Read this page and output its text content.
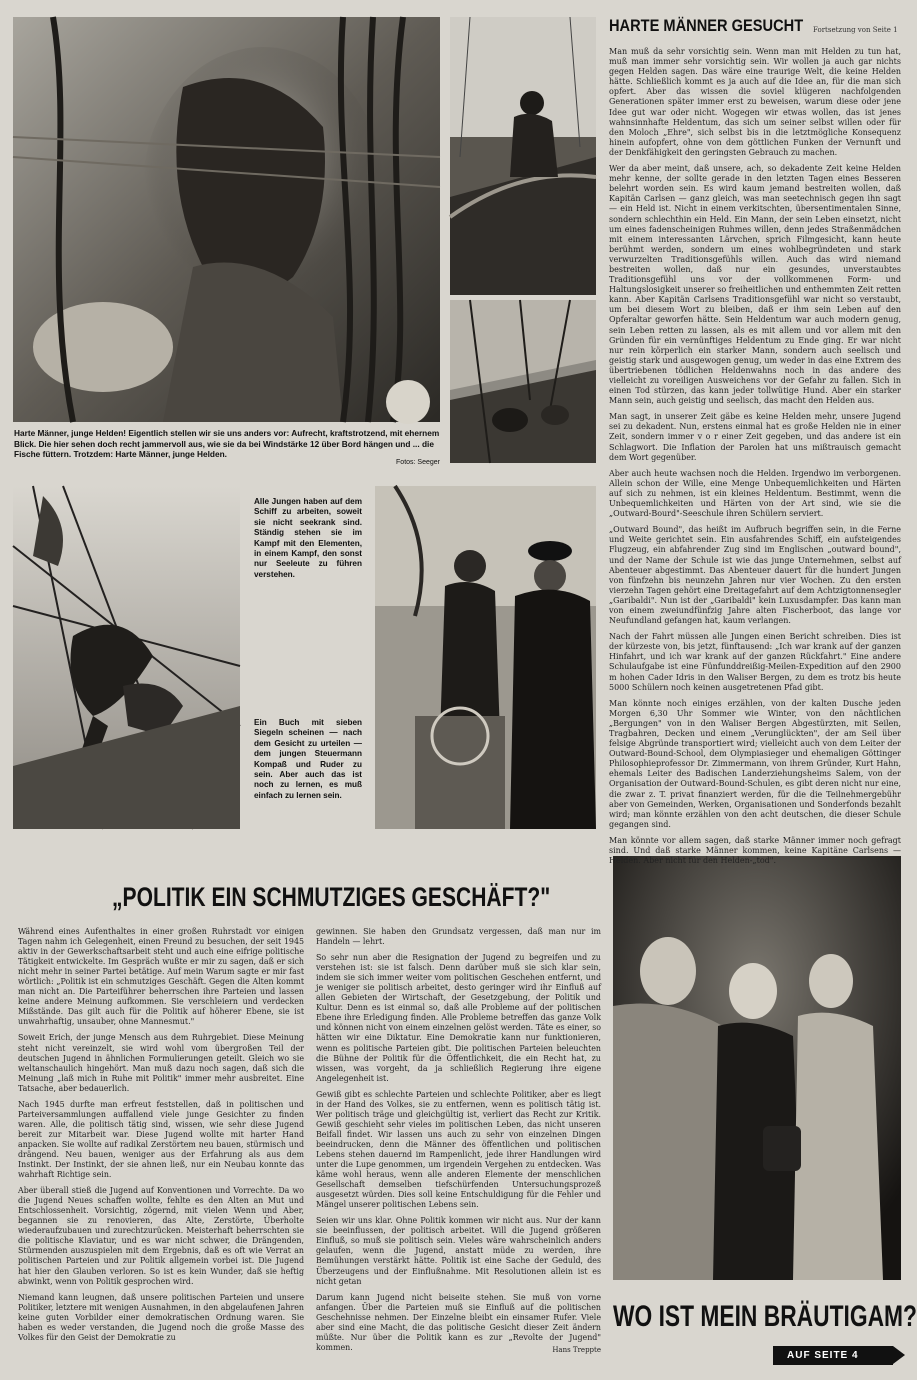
Harte Männer, junge Helden! Eigentlich stellen wir sie uns anders vor: Aufrecht, kraftstrotzend, mit ehernem Blick. Die hier sehen doch recht jammervoll aus, wie sie da bei Windstärke 12 über Bord hängen und ... die Fische füttern. Trotzdem: Harte Männer, junge Helden.
Fotos: Seeger
Alle Jungen haben auf dem Schiff zu arbeiten, soweit sie nicht seekrank sind. Ständig stehen sie im Kampf mit den Elementen, in einem Kampf, den sonst nur Seeleute zu führen verstehen.
Ein Buch mit sieben Siegeln scheinen — nach dem Gesicht zu urteilen — dem jungen Steuermann Kompaß und Ruder zu sein. Aber auch das ist noch zu lernen, es muß einfach zu lernen sein.
HARTE MÄNNER GESUCHT Fortsetzung von Seite 1

Man muß da sehr vorsichtig sein. Wenn man mit Helden zu tun hat, muß man immer sehr vorsichtig sein. Wir wollen ja auch gar nichts gegen Helden sagen. Das wäre eine traurige Welt, die keine Helden hätte. Schließlich kommt es ja auch auf die Idee an, für die man sich opfert. Aber das wissen die soviel klügeren nachfolgenden Generationen später immer erst zu beweisen, warum diese oder jene Idee gut war oder nicht. Wogegen wir etwas wollen, das ist jenes wahnsinnhafte Heldentum, das sich um seiner selbst willen oder für den Moloch „Ehre", sich selbst bis in die letztmögliche Konsequenz hinein aufopfert, ohne von dem göttlichen Funken der Vernunft und der Denkfähigkeit den geringsten Gebrauch zu machen.

Wer da aber meint, daß unsere, ach, so dekadente Zeit keine Helden mehr kenne, der sollte gerade in den letzten Tagen eines Besseren belehrt worden sein. Es wird kaum jemand bestreiten wollen, daß Kapitän Carlsen — ganz gleich, was man seetechnisch gegen ihn sagt — ein Held ist. Nicht in einem verkitschten, übersentimentalen Sinne, sondern schlechthin ein Held. Ein Mann, der sein Leben einsetzt, nicht um eines fadenscheinigen Ruhmes willen, denn jedes Straßenmädchen mit einem interessanten Lärvchen, sprich Filmgesicht, kann heute berühmt werden, sondern um eines wohlbegründeten und stark verwurzelten Traditionsgefühls willen. Auch das wird niemand bestreiten wollen, daß nur ein gesundes, unverstaubtes Traditionsgefühl uns vor der vollkommenen Form- und Haltungslosigkeit unserer so freiheitlichen und enthemmten Zeit retten kann. Aber Kapitän Carlsens Traditionsgefühl war nicht so verstaubt, um bei diesem Wort zu bleiben, daß er ihm sein Leben auf den Opferaltar geworfen hätte. Sein Heldentum war auch modern genug, sein Leben retten zu lassen, als es mit allem und vor allem mit den Gründen für ein vernünftiges Heldentum zu Ende ging. Er war nicht nur rein körperlich ein starker Mann, sondern auch seelisch und geistig stark und ausgewogen genug, um weder in das eine Extrem des übertriebenen tödlichen Heldenwahns noch in das andere des vielleicht zu voreiligen Ausweichens vor der Gefahr zu fallen. Sich in einen Tod stürzen, das kann jeder tollwütige Hund. Aber ein starker Mann sein, auch geistig und seelisch, das macht den Helden aus.

Man sagt, in unserer Zeit gäbe es keine Helden mehr, unsere Jugend sei zu dekadent. Nun, erstens einmal hat es große Helden nie in einer Zeit, sondern immer v o r einer Zeit gegeben, und das andere ist ein Schlagwort. Die Inflation der Parolen hat uns mißtrauisch gemacht dem Wort gegenüber.

Aber auch heute wachsen noch die Helden. Irgendwo im verborgenen. Allein schon der Wille, eine Menge Unbequemlichkeiten und Härten auf sich zu nehmen, ist ein kleines Heldentum. Bestimmt, wenn die Unbequemlichkeiten und Härten von der Art sind, wie sie die „Outward-Bourd"-Seeschule ihren Schülern serviert.

„Outward Bound", das heißt im Aufbruch begriffen sein, in die Ferne und Weite gerichtet sein. Ein ausfahrendes Schiff, ein aufsteigendes Flugzeug, ein abfahrender Zug sind im Englischen „outward bound", und der Name der Schule ist wie das junge Unternehmen, selbst auf Abenteuer abgestimmt. Das Abenteuer dauert für die hundert Jungen von fünfzehn bis neunzehn Jahren nur vier Wochen. Zu den ersten vierzehn Tagen gehört eine Dreitagefahrt auf dem Achtzigtonnensegler „Garibaldi". Nun ist der „Garibaldi" kein Luxusdampfer. Das kann man von einem zweiundfünfzig Jahre alten Fischerboot, das lange vor Neufundland gefangen hat, kaum verlangen.

Nach der Fahrt müssen alle Jungen einen Bericht schreiben. Dies ist der kürzeste von, bis jetzt, fünftausend: „Ich war krank auf der ganzen Hinfahrt, und ich war krank auf der ganzen Rückfahrt." Eine andere Schulaufgabe ist eine Fünfunddreißig-Meilen-Expedition auf den 2900 m hohen Cader Idris in den Waliser Bergen, zu dem es trotz bis heute 5000 Schülern noch keinen ausgetretenen Pfad gibt.

Man könnte noch einiges erzählen, von der kalten Dusche jeden Morgen 6,30 Uhr Sommer wie Winter, von den nächtlichen „Bergungen" von in den Waliser Bergen Abgestürzten, mit Seilen, Tragbahren, Decken und einem „Verunglückten", der am Seil über felsige Abgründe transportiert wird; vielleicht auch von dem Leiter der Outward-Bound-School, dem Olympiasieger und ehemaligen Göttinger Philosophieprofessor Dr. Zimmermann, von ihrem Gründer, Kurt Hahn, ehemals Leiter des Badischen Landerziehungsheims Salem, von der Organisation der Outward-Bound-Schulen, es gibt deren nicht nur eine, die zwar z. T. privat finanziert werden, für die die Teilnehmergebühr aber von Gemeinden, Werken, Organisationen und Sonderfonds bezahlt wird; man könnte erzählen von den acht deutschen, die dieser Schule gegangen sind.

Man könnte vor allem sagen, daß starke Männer immer noch gefragt sind. Und daß starke Männer kommen, keine Kapitäne Carlsens — Helden. Aber nicht für den Helden-„tod".

„POLITIK EIN SCHMUTZIGES GESCHÄFT?"

Während eines Aufenthaltes in einer großen Ruhrstadt vor einigen Tagen nahm ich Gelegenheit, einen Freund zu besuchen, der seit 1945 aktiv in der Gewerkschaftsarbeit steht und auch eine eifrige politische Tätigkeit entwickelte. Im Gespräch wußte er mir zu sagen, daß er sich nicht mehr in seiner Partei betätige. Auf mein Warum sagte er mir fast wörtlich: „Politik ist ein schmutziges Geschäft. Gegen die Alten kommt man nicht an. Die Parteiführer beherrschen ihre Parteien und lassen keine andere Meinung aufkommen. Sie verschleiern und verdecken Mißstände. Das gilt auch für die Politik auf höherer Ebene, sie ist unwahrhaftig, unsauber, ohne Mannesmut."

Soweit Erich, der junge Mensch aus dem Ruhrgebiet. Diese Meinung steht nicht vereinzelt, sie wird wohl vom übergroßen Teil der deutschen Jugend in ähnlichen Formulierungen geteilt. Gleich wo sie weltanschaulich hingehört. Man muß dazu noch sagen, daß sich die Meinung „laß mich in Ruhe mit Politik" immer mehr ausbreitet. Eine Tatsache, aber bedauerlich.

Nach 1945 durfte man erfreut feststellen, daß in politischen und Parteiversammlungen auffallend viele junge Gesichter zu finden waren. Alle, die politisch tätig sind, wissen, wie sehr diese Jugend bereit zur Mitarbeit war. Diese Jugend wollte mit harter Hand anpacken. Sie wollte auf radikal Zerstörtem neu bauen, stürmisch und drängend. Neu bauen, weniger aus der Erfahrung als aus dem Instinkt. Der Instinkt, der sie ahnen ließ, nur ein Neubau konnte das wahrhaft Richtige sein.

Aber überall stieß die Jugend auf Konventionen und Vorrechte. Da wo die Jugend Neues schaffen wollte, fehlte es den Alten an Mut und Entschlossenheit. Vorsichtig, zögernd, mit vielen Wenn und Aber, begannen sie zu renovieren, das Alte, Zerstörte, Überholte wiederaufzubauen und zurechtzurücken. Meisterhaft beherrschten sie die politische Klaviatur, und es war nicht schwer, die Drängenden, Stürmenden auszuspielen mit dem Ergebnis, daß es oft wie Verrat an politischen Parteien und zur Politik allgemein vorbei ist. Die Jugend hat hier den Glauben verloren. So ist es kein Wunder, daß sie heftig abwinkt, wenn von Politik gesprochen wird.

Niemand kann leugnen, daß unsere politischen Parteien und unsere Politiker, letztere mit wenigen Ausnahmen, in den abgelaufenen Jahren keine guten Vorbilder einer demokratischen Ordnung waren. Sie haben es weder verstanden, die Jugend noch die große Masse des Volkes für den Geist der Demokratie zu

gewinnen. Sie haben den Grundsatz vergessen, daß man nur im Handeln — lehrt.

So sehr nun aber die Resignation der Jugend zu begreifen und zu verstehen ist: sie ist falsch. Denn darüber muß sie sich klar sein, indem sie sich immer weiter vom politischen Geschehen entfernt, und je weniger sie politisch arbeitet, desto geringer wird ihr Einfluß auf allen Gebieten der Wirtschaft, der Gesetzgebung, der Politik und Kultur. Denn es ist einmal so, daß alle Probleme auf der politischen Ebene ihre Erledigung finden. Alle Probleme betreffen das ganze Volk und können nicht von einem einzelnen gelöst werden. Täte es einer, so hätten wir eine Diktatur. Eine Demokratie kann nur funktionieren, wenn es politische Parteien gibt. Die politischen Parteien beleuchten die Bühne der Politik für die Öffentlichkeit, die ein Recht hat, zu wissen, was vorgeht, da ja schließlich Regierung ihre eigene Angelegenheit ist.

Gewiß gibt es schlechte Parteien und schlechte Politiker, aber es liegt in der Hand des Volkes, sie zu entfernen, wenn es politisch tätig ist. Wer politisch träge und gleichgültig ist, verliert das Recht zur Kritik. Gewiß geschieht sehr vieles im politischen Leben, das nicht unseren Beifall findet. Wir lassen uns auch zu sehr von einzelnen Dingen beeindrucken, denn die Männer des öffentlichen und politischen Lebens stehen dauernd im Rampenlicht, jede ihrer Handlungen wird unter die Lupe genommen, um irgendein Vergehen zu entdecken. Was käme wohl heraus, wenn alle anderen Elemente der menschlichen Gesellschaft demselben tiefschürfenden Untersuchungsprozeß ausgesetzt würden. Dies soll keine Entschuldigung für die Fehler und Mängel unserer politischen Lebens sein.

Seien wir uns klar. Ohne Politik kommen wir nicht aus. Nur der kann sie beeinflussen, der politisch arbeitet. Will die Jugend größeren Einfluß, so muß sie politisch sein. Vieles wäre wahrscheinlich anders gelaufen, wenn die Jugend, anstatt müde zu werden, ihre Bemühungen verstärkt hätte. Politik ist eine Sache der Geduld, des Überzeugens und der Einflußnahme. Mit Resolutionen allein ist es nicht getan

Darum kann Jugend nicht beiseite stehen. Sie muß von vorne anfangen. Über die Parteien muß sie Einfluß auf die politischen Geschehnisse nehmen. Der Einzelne bleibt ein einsamer Rufer. Viele aber sind eine Macht, die das politische Gesicht dieser Zeit ändern müßte. Nur über die Politik kann es zur „Revolte der Jugend" kommen.	Hans Treppte
WO IST MEIN BRÄUTIGAM?
AUF SEITE 4
